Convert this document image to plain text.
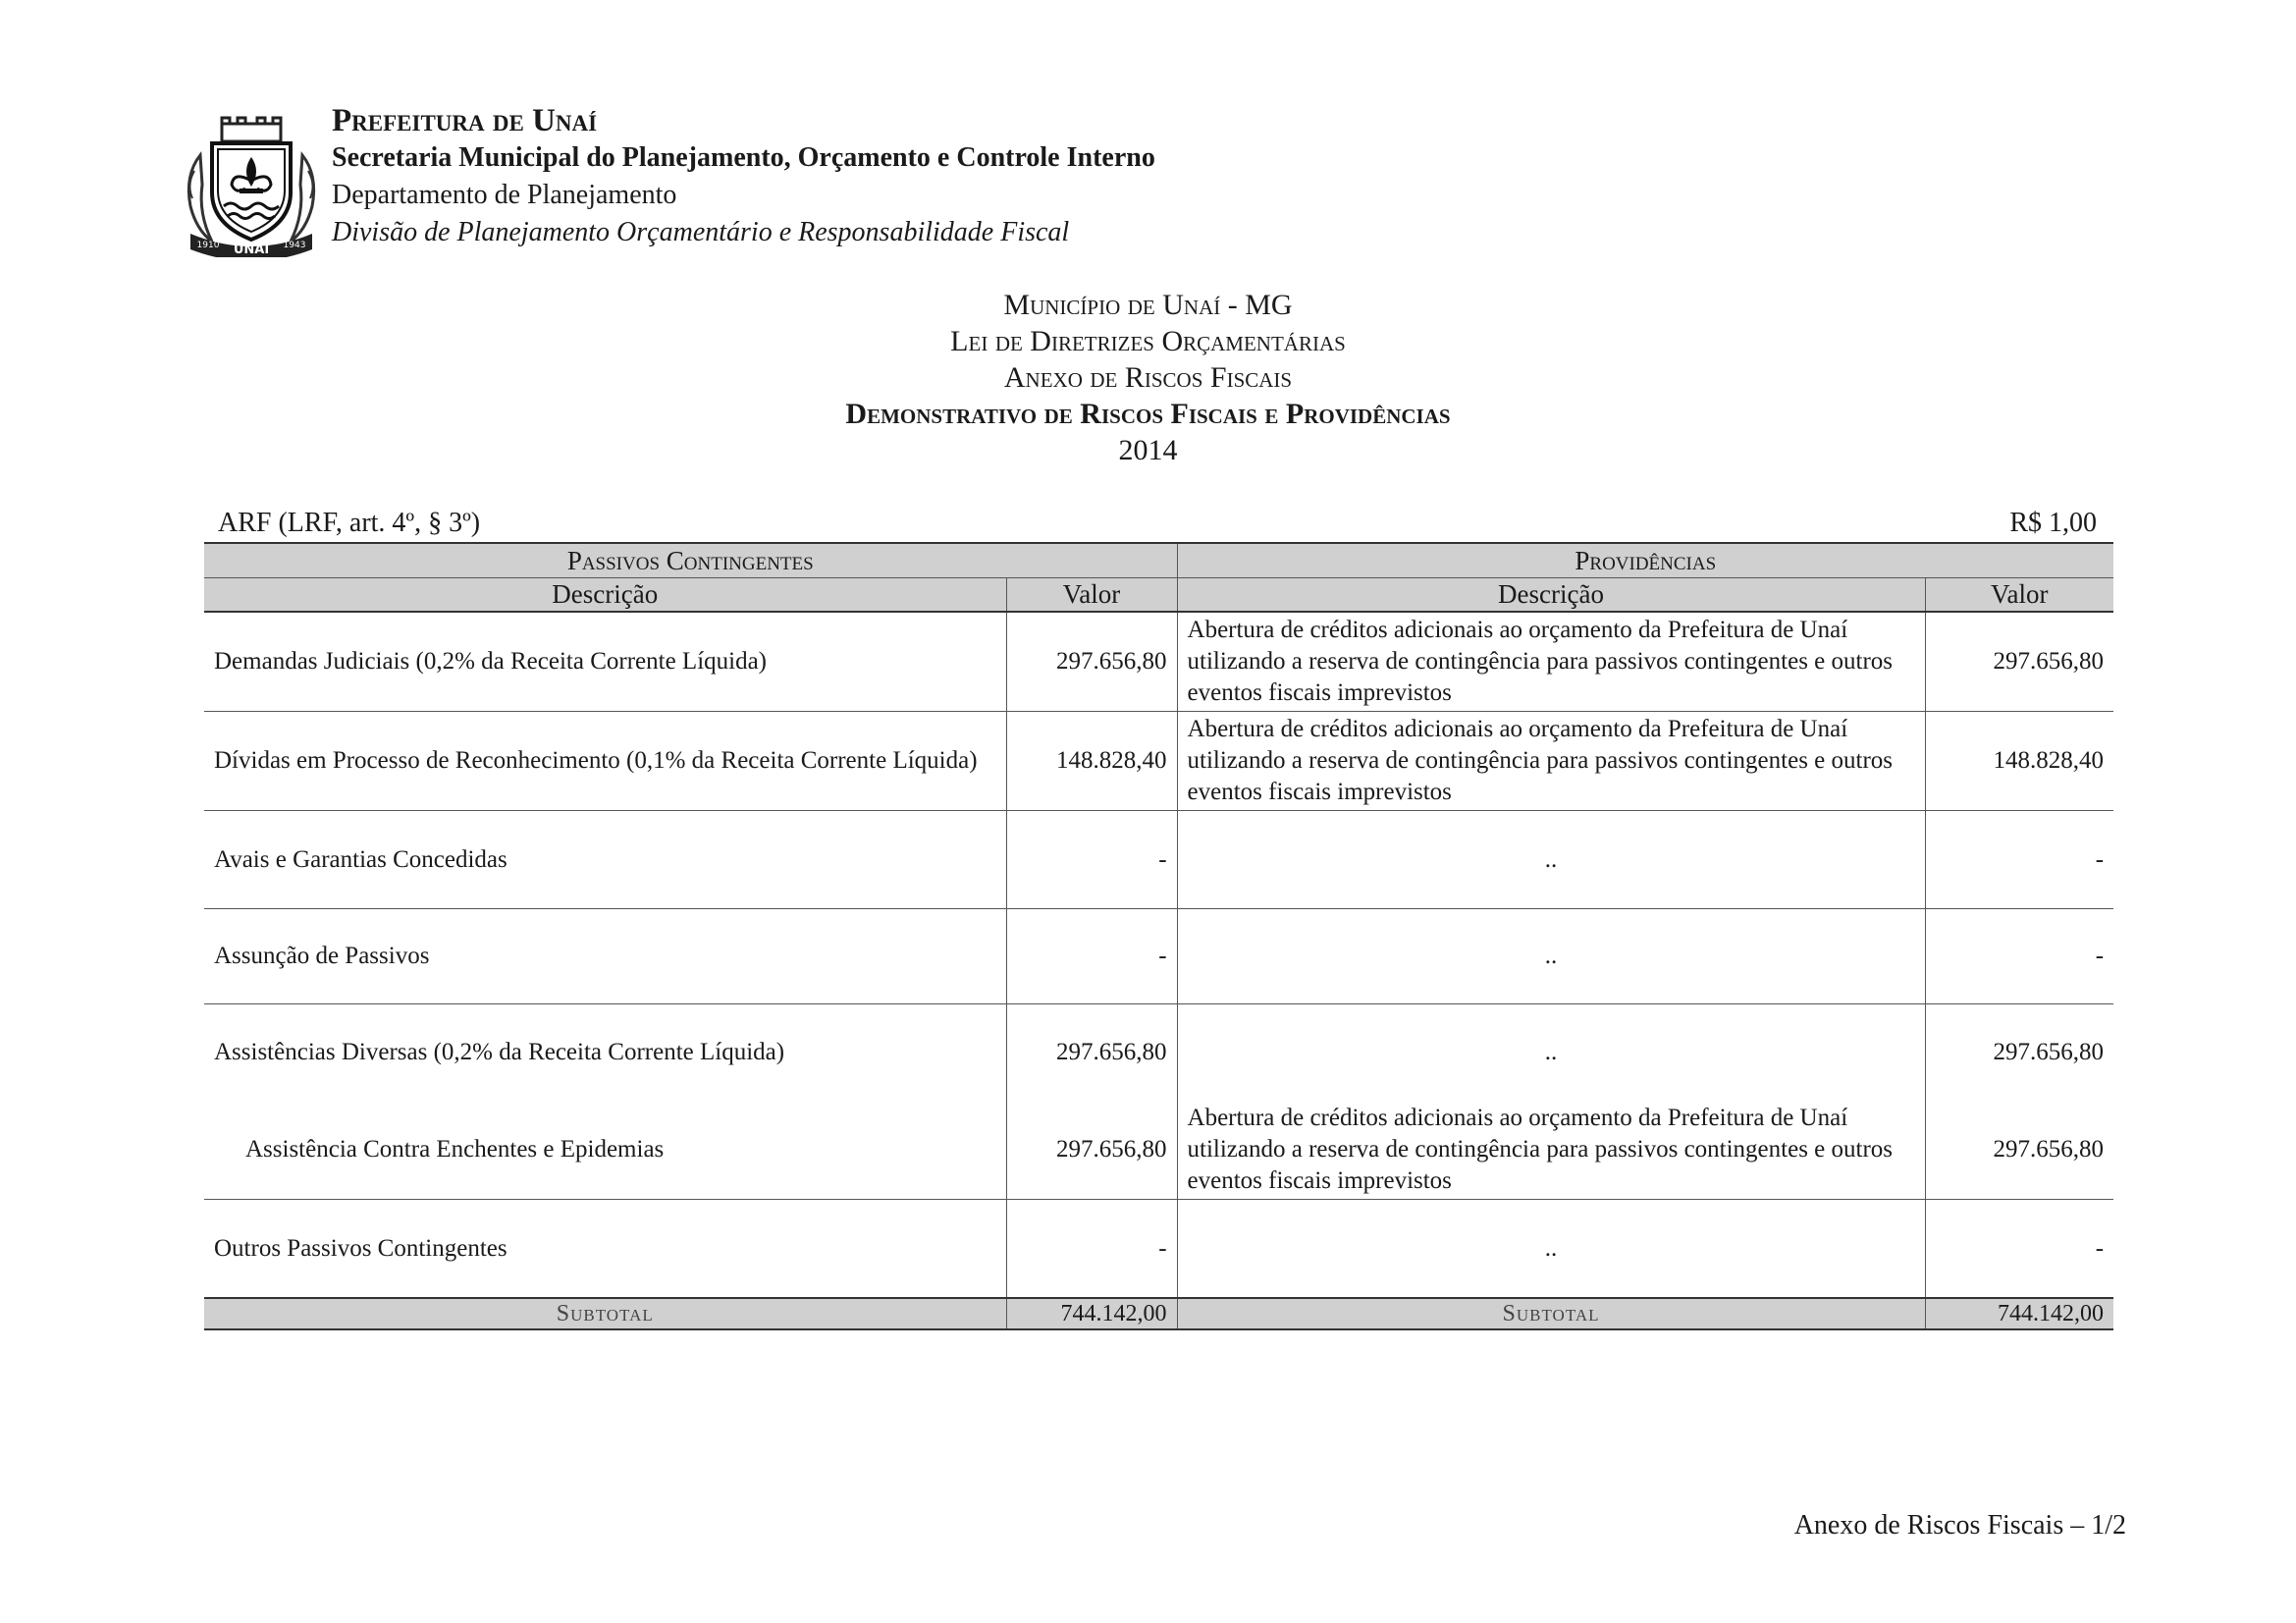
UNAI
1910	1943
Prefeitura de Unaí
Secretaria Municipal do Planejamento, Orçamento e Controle Interno
Departamento de Planejamento
Divisão de Planejamento Orçamentário e Responsabilidade Fiscal
Município de Unaí - MG
Lei de Diretrizes Orçamentárias
Anexo de Riscos Fiscais
Demonstrativo de Riscos Fiscais e Providências
2014
ARF (LRF, art. 4º, § 3º)	R$ 1,00
Passivos Contingentes		Providências	
Descrição	Valor	Descrição	Valor
Demandas Judiciais (0,2% da Receita Corrente Líquida)	297.656,80	Abertura de créditos adicionais ao orçamento da Prefeitura de Unaí utilizando a reserva de contingência para passivos contingentes e outros eventos fiscais imprevistos	297.656,80
Dívidas em Processo de Reconhecimento (0,1% da Receita Corrente Líquida)	148.828,40	Abertura de créditos adicionais ao orçamento da Prefeitura de Unaí utilizando a reserva de contingência para passivos contingentes e outros eventos fiscais imprevistos	148.828,40
Avais e Garantias Concedidas	-	..	-
Assunção de Passivos	-	..	-
Assistências Diversas (0,2% da Receita Corrente Líquida)	297.656,80	..	297.656,80
Assistência Contra Enchentes e Epidemias	297.656,80	Abertura de créditos adicionais ao orçamento da Prefeitura de Unaí utilizando a reserva de contingência para passivos contingentes e outros eventos fiscais imprevistos	297.656,80
Outros Passivos Contingentes	-	..	-
Subtotal	744.142,00	Subtotal	744.142,00
Anexo de Riscos Fiscais – 1/2
